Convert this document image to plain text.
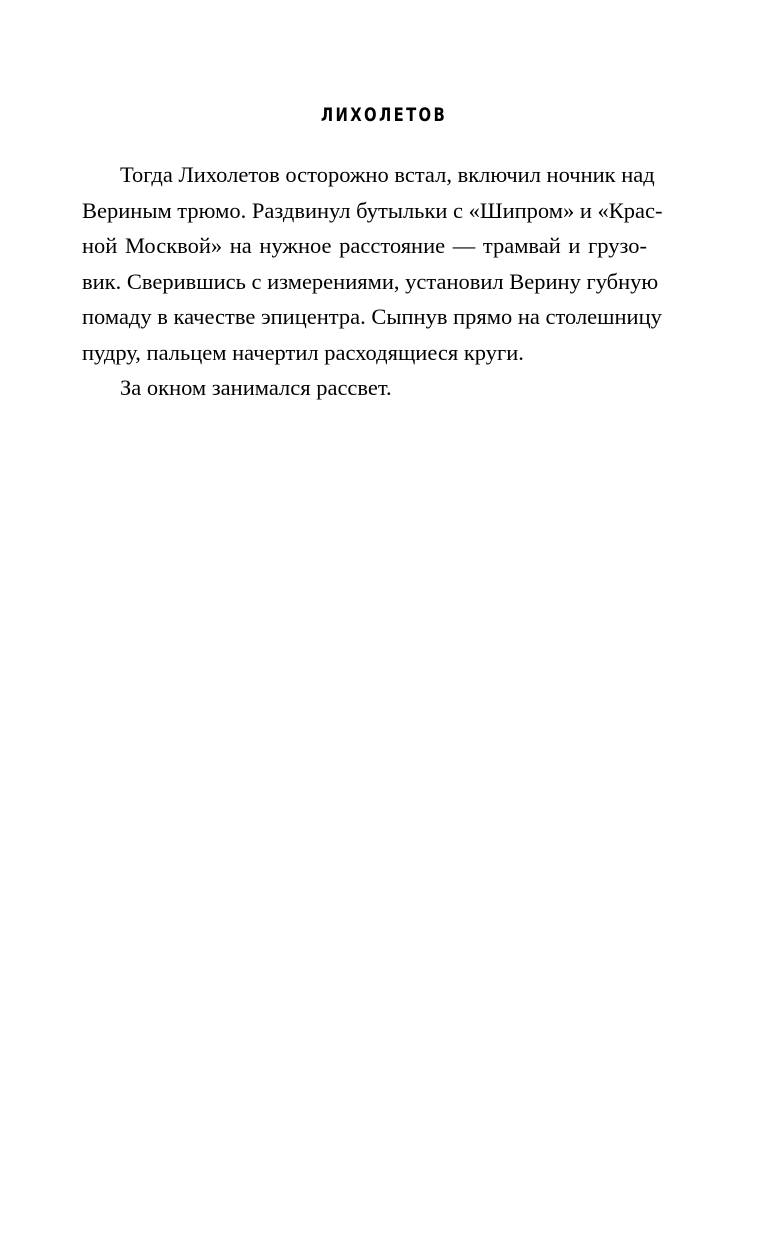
ЛИХОЛЕТОВ
Тогда Лихолетов осторожно встал, включил ночник над
Вериным трюмо. Раздвинул бутыльки с «Шипром» и «Крас-
ной Москвой» на нужное расстояние — трамвай и грузо-
вик. Сверившись с измерениями, установил Верину губную
помаду в качестве эпицентра. Сыпнув прямо на столешницу
пудру, пальцем начертил расходящиеся круги.
За окном занимался рассвет.
